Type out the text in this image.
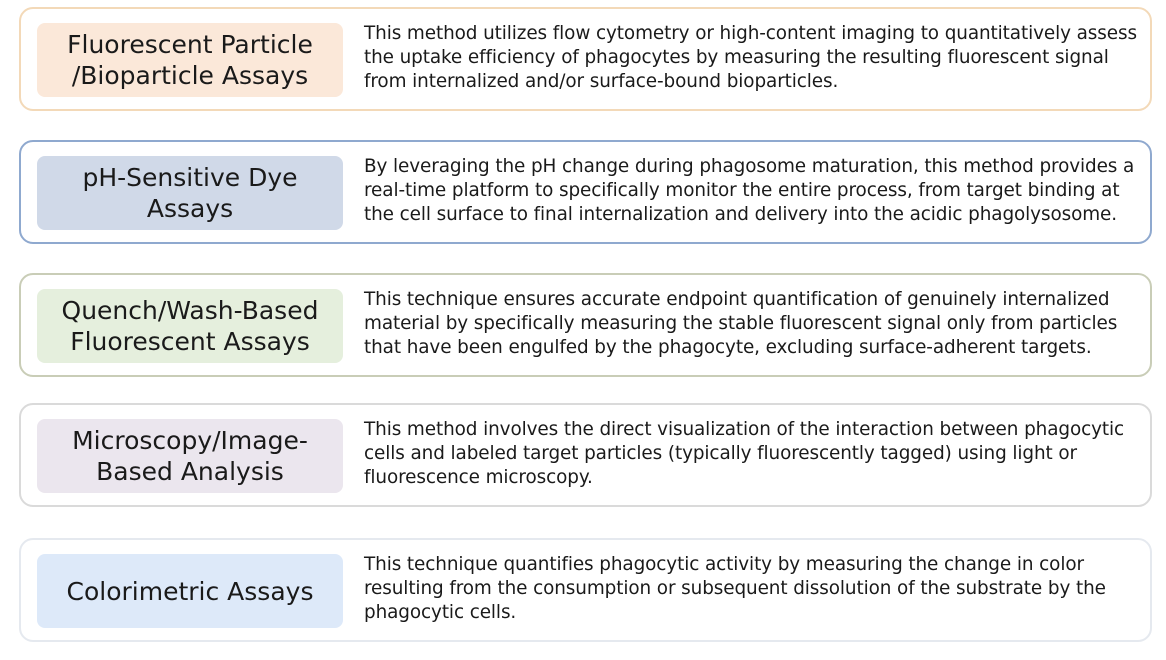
Fluorescent Particle /Bioparticle Assays
This method utilizes flow cytometry or high-content imaging to quantitatively assess the uptake efficiency of phagocytes by measuring the resulting fluorescent signal from internalized and/or surface-bound bioparticles.
pH-Sensitive Dye Assays
By leveraging the pH change during phagosome maturation, this method provides a real-time platform to specifically monitor the entire process, from target binding at the cell surface to final internalization and delivery into the acidic phagolysosome.
Quench/Wash-Based Fluorescent Assays
This technique ensures accurate endpoint quantification of genuinely internalized material by specifically measuring the stable fluorescent signal only from particles that have been engulfed by the phagocyte, excluding surface-adherent targets.
Microscopy/Image-Based Analysis
This method involves the direct visualization of the interaction between phagocytic cells and labeled target particles (typically fluorescently tagged) using light or fluorescence microscopy.
Colorimetric Assays
This technique quantifies phagocytic activity by measuring the change in color resulting from the consumption or subsequent dissolution of the substrate by the phagocytic cells.
